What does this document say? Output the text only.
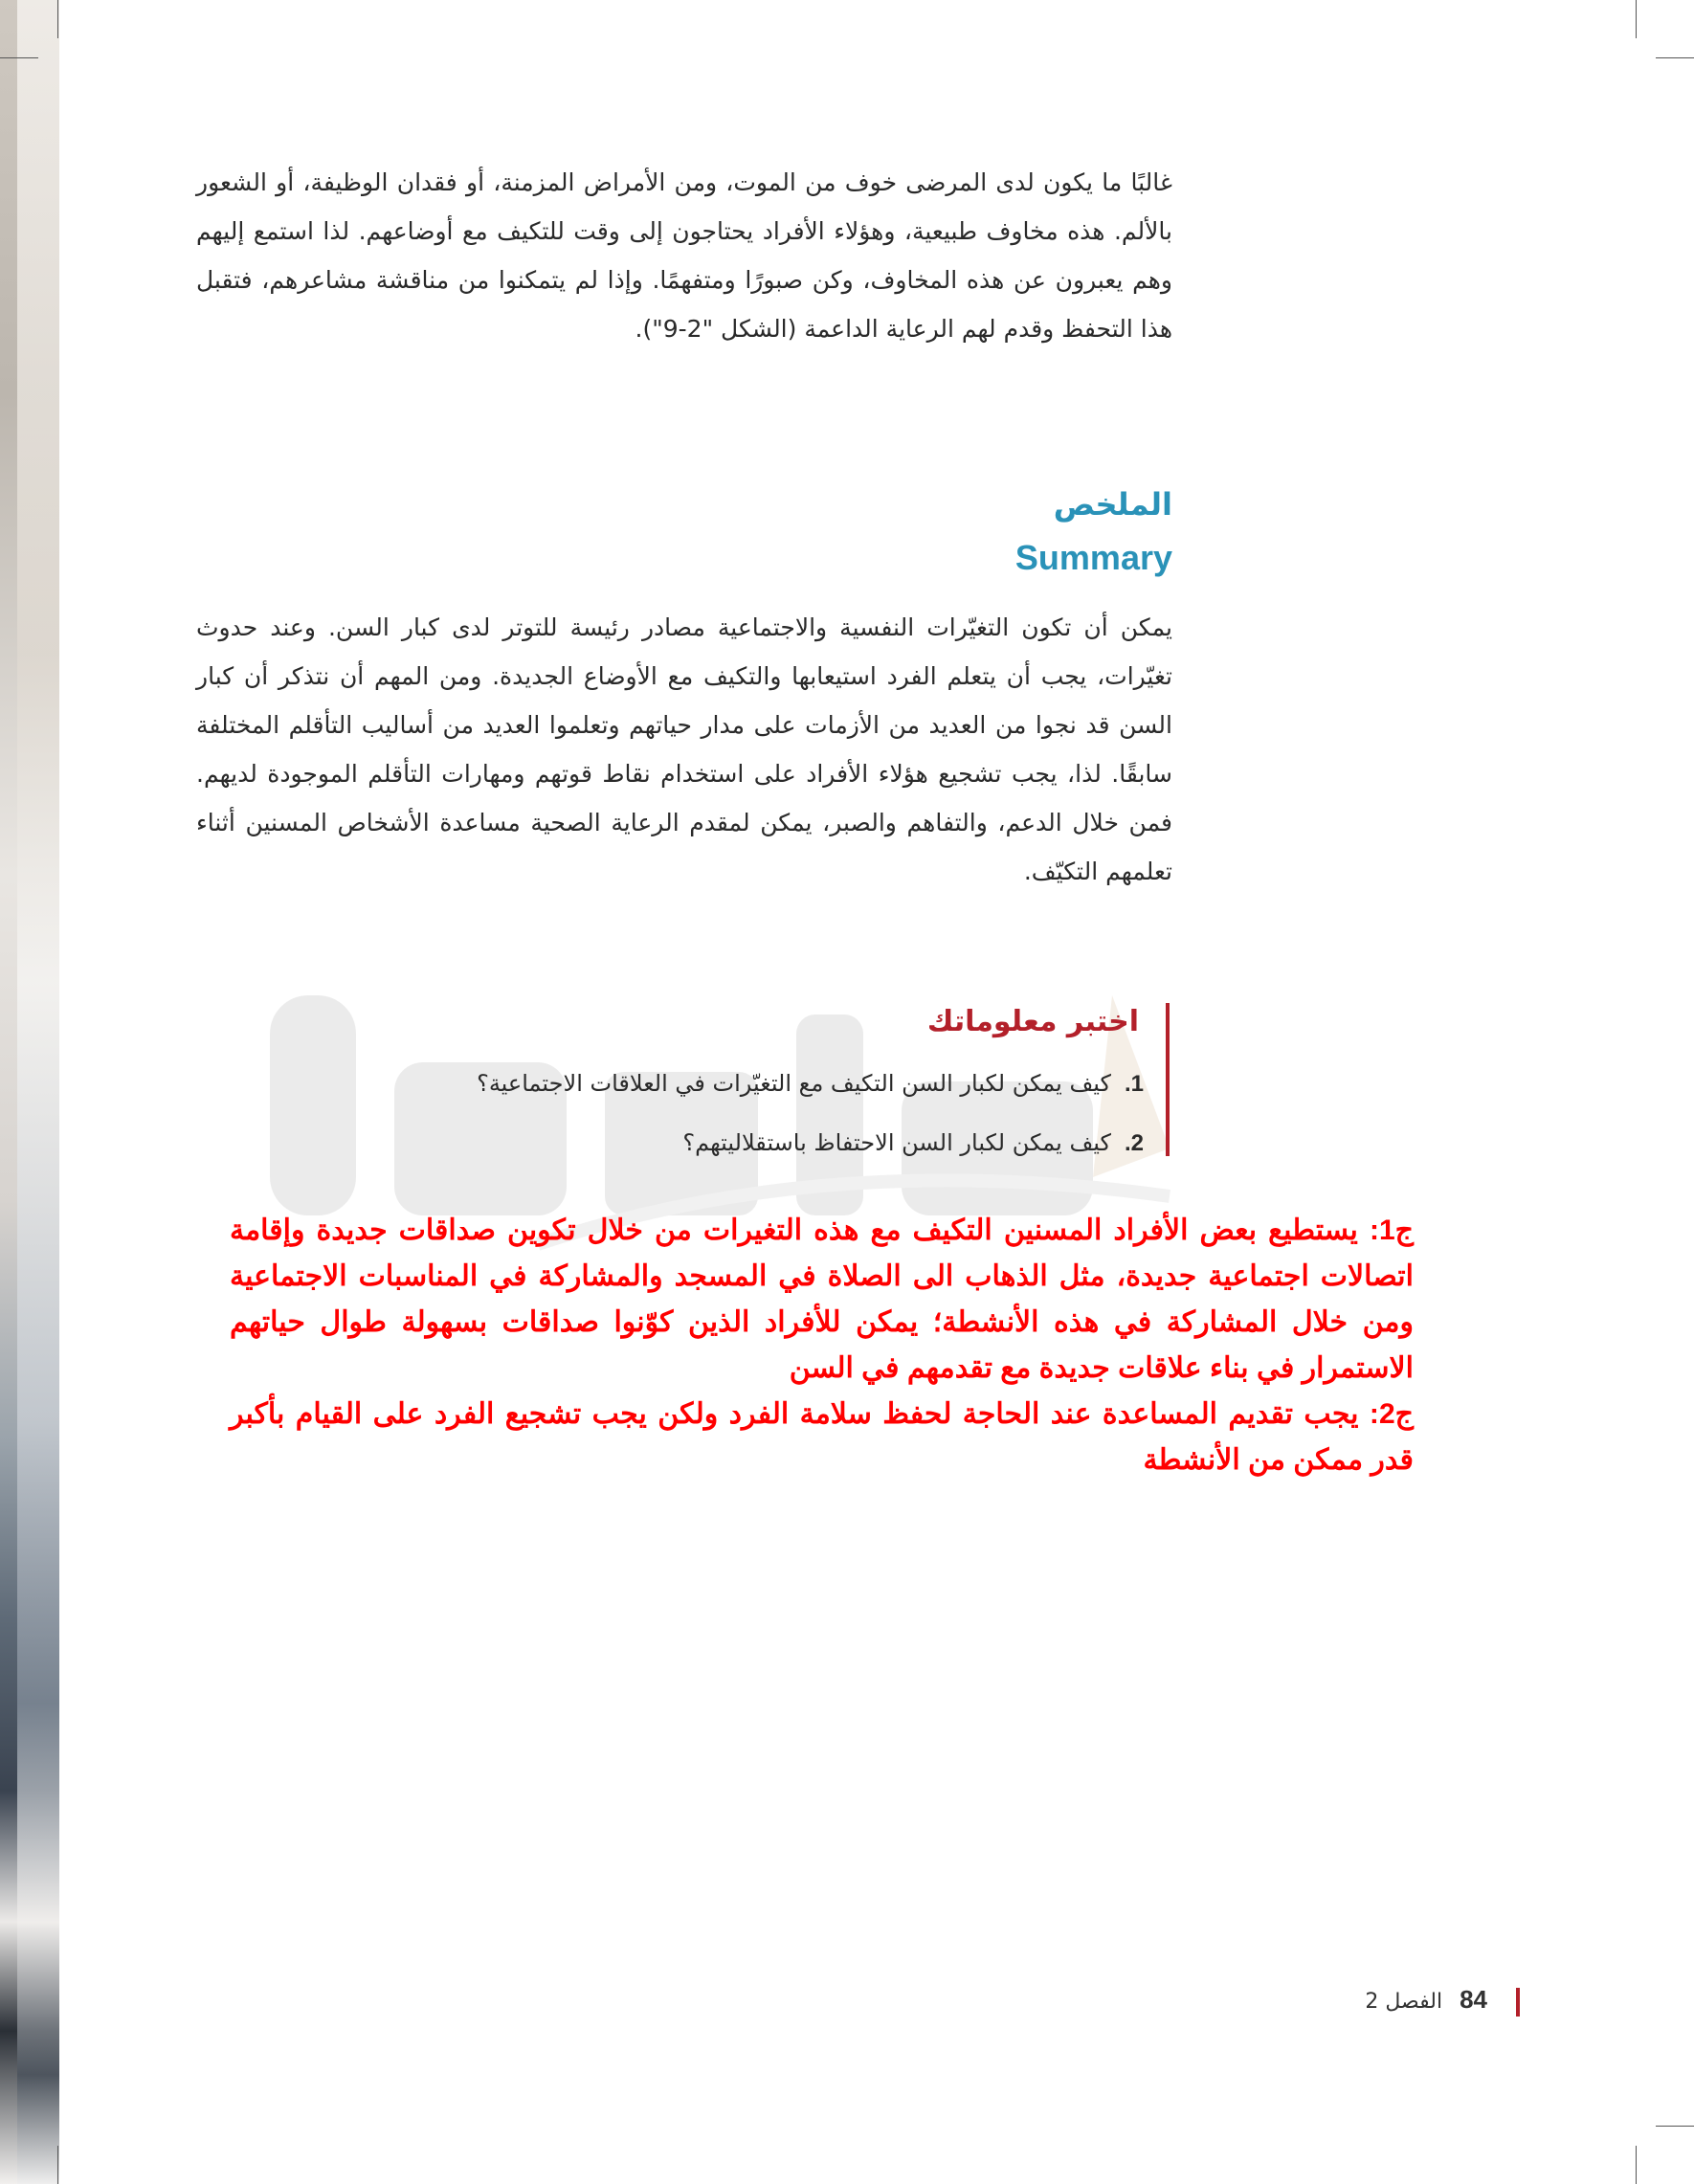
غالبًا ما يكون لدى المرضى خوف من الموت، ومن الأمراض المزمنة، أو فقدان الوظيفة، أو الشعور بالألم. هذه مخاوف طبيعية، وهؤلاء الأفراد يحتاجون إلى وقت للتكيف مع أوضاعهم. لذا استمع إليهم وهم يعبرون عن هذه المخاوف، وكن صبورًا ومتفهمًا. وإذا لم يتمكنوا من مناقشة مشاعرهم، فتقبل هذا التحفظ وقدم لهم الرعاية الداعمة (الشكل "2-9").
الملخص
Summary
يمكن أن تكون التغيّرات النفسية والاجتماعية مصادر رئيسة للتوتر لدى كبار السن. وعند حدوث تغيّرات، يجب أن يتعلم الفرد استيعابها والتكيف مع الأوضاع الجديدة. ومن المهم أن نتذكر أن كبار السن قد نجوا من العديد من الأزمات على مدار حياتهم وتعلموا العديد من أساليب التأقلم المختلفة سابقًا. لذا، يجب تشجيع هؤلاء الأفراد على استخدام نقاط قوتهم ومهارات التأقلم الموجودة لديهم. فمن خلال الدعم، والتفاهم والصبر، يمكن لمقدم الرعاية الصحية مساعدة الأشخاص المسنين أثناء تعلمهم التكيّف.
اختبر معلوماتك
1.كيف يمكن لكبار السن التكيف مع التغيّرات في العلاقات الاجتماعية؟
2.كيف يمكن لكبار السن الاحتفاظ باستقلاليتهم؟

ج1: يستطيع بعض الأفراد المسنين التكيف مع هذه التغيرات من خلال تكوين صداقات جديدة وإقامة اتصالات اجتماعية جديدة، مثل الذهاب الى الصلاة في المسجد والمشاركة في المناسبات الاجتماعية ومن خلال المشاركة في هذه الأنشطة؛ يمكن للأفراد الذين كوّنوا صداقات بسهولة طوال حياتهم الاستمرار في بناء علاقات جديدة مع تقدمهم في السن

ج2: يجب تقديم المساعدة عند الحاجة لحفظ سلامة الفرد ولكن يجب تشجيع الفرد على القيام بأكبر قدر ممكن من الأنشطة

84الفصل 2
